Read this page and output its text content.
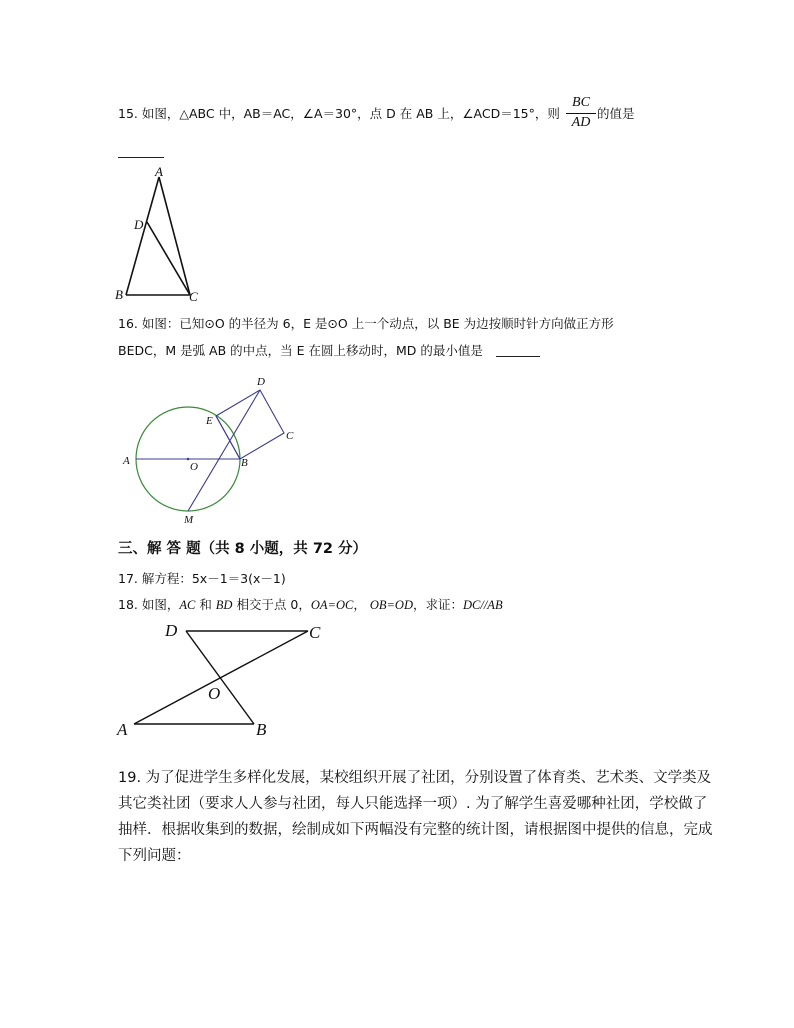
15. 如图，△ABC 中，AB＝AC，∠A＝30°，点 D 在 AB 上，∠ACD＝15°，则
BC
AD
的值是
A
D
B	C
16. 如图：已知⊙O 的半径为 6，E 是⊙O 上一个动点，以 BE 为边按顺时针方向做正方形
BEDC，M 是弧 AB 的中点，当 E 在圆上移动时，MD 的最小值是
A	O	B
E
D
C
M
三、解 答 题（共 8 小题，共 72 分）
17. 解方程：5x－1＝3(x－1)
18. 如图，AC 和 BD 相交于点 0，OA=OC， OB=OD，求证：DC//AB
D	C
O
A	B
19. 为了促进学生多样化发展，某校组织开展了社团，分别设置了体育类、艺术类、文学类及
其它类社团（要求人人参与社团，每人只能选择一项）. 为了解学生喜爱哪种社团，学校做了
抽样．根据收集到的数据，绘制成如下两幅没有完整的统计图，请根据图中提供的信息，完成
下列问题：
